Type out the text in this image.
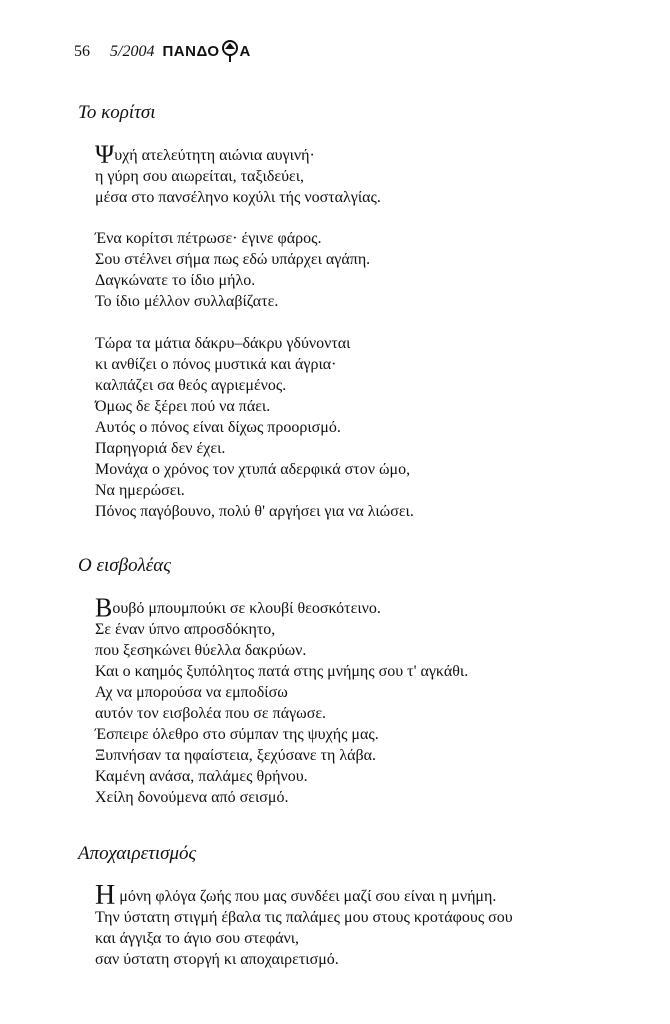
56 5/2004 ΠΑΝΔΟ Α
Το κορίτσι
Ψυχή ατελεύτητη αιώνια αυγινή·
η γύρη σου αιωρείται, ταξιδεύει,
μέσα στο πανσέληνο κοχύλι τής νοσταλγίας.
Ένα κορίτσι πέτρωσε· έγινε φάρος.
Σου στέλνει σήμα πως εδώ υπάρχει αγάπη.
Δαγκώνατε το ίδιο μήλο.
Το ίδιο μέλλον συλλαβίζατε.
Τώρα τα μάτια δάκρυ–δάκρυ γδύνονται
κι ανθίζει ο πόνος μυστικά και άγρια·
καλπάζει σα θεός αγριεμένος.
Όμως δε ξέρει πού να πάει.
Αυτός ο πόνος είναι δίχως προορισμό.
Παρηγοριά δεν έχει.
Μονάχα ο χρόνος τον χτυπά αδερφικά στον ώμο,
Να ημερώσει.
Πόνος παγόβουνο, πολύ θ' αργήσει για να λιώσει.
Ο εισβολέας
Βουβό μπουμπούκι σε κλουβί θεοσκότεινο.
Σε έναν ύπνο απροσδόκητο,
που ξεσηκώνει θύελλα δακρύων.
Και ο καημός ξυπόλητος πατά στης μνήμης σου τ' αγκάθι.
Αχ να μπορούσα να εμποδίσω
αυτόν τον εισβολέα που σε πάγωσε.
Έσπειρε όλεθρο στο σύμπαν της ψυχής μας.
Ξυπνήσαν τα ηφαίστεια, ξεχύσανε τη λάβα.
Καμένη ανάσα, παλάμες θρήνου.
Χείλη δονούμενα από σεισμό.
Αποχαιρετισμός
Η μόνη φλόγα ζωής που μας συνδέει μαζί σου είναι η μνήμη.
Την ύστατη στιγμή έβαλα τις παλάμες μου στους κροτάφους σου
και άγγιξα το άγιο σου στεφάνι,
σαν ύστατη στοργή κι αποχαιρετισμό.
